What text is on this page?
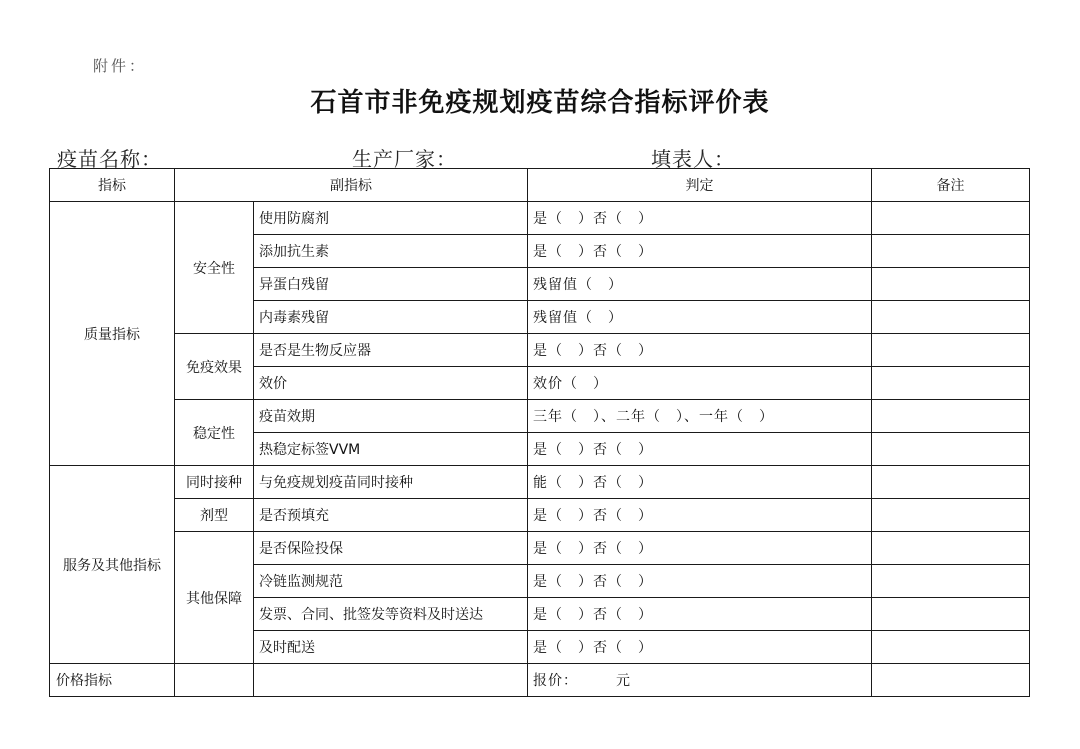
附件：
石首市非免疫规划疫苗综合指标评价表
疫苗名称：	生产厂家：	填表人：
指标	副指标		判定	备注
质量指标	安全性	使用防腐剂	是（　）否（　）	
		添加抗生素	是（　）否（　）	
		异蛋白残留	残留值（　）	
		内毒素残留	残留值（　）	
	免疫效果	是否是生物反应器	是（　）否（　）	
		效价	效价（　）	
	稳定性	疫苗效期	三年（　）、二年（　）、一年（　）	
		热稳定标签VVM	是（　）否（　）	
服务及其他指标	同时接种	与免疫规划疫苗同时接种	能（　）否（　）	
	剂型	是否预填充	是（　）否（　）	
	其他保障	是否保险投保	是（　）否（　）	
		冷链监测规范	是（　）否（　）	
		发票、合同、批签发等资料及时送达	是（　）否（　）	
		及时配送	是（　）否（　）	
价格指标			报价：　　　元	
